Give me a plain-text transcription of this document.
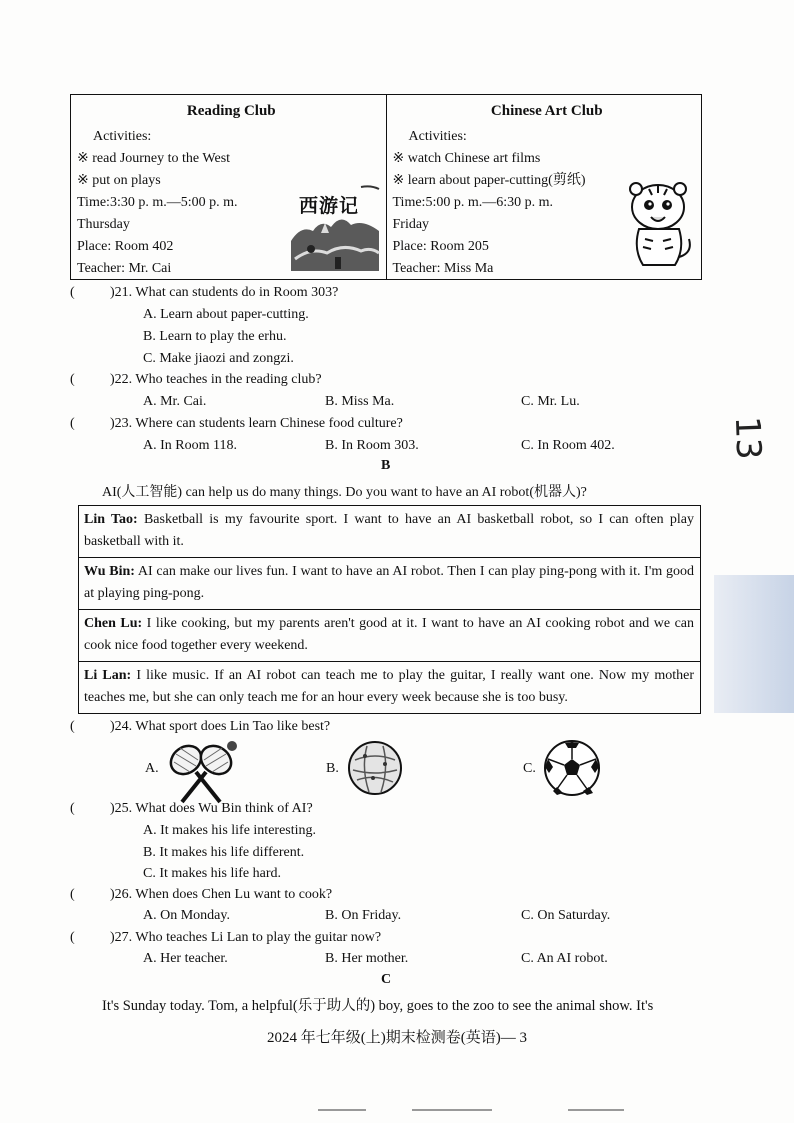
Reading Club
Activities:
※ read Journey to the West
※ put on plays
Time:3:30 p. m.—5:00 p. m.
Thursday
Place: Room 402
Teacher: Mr. Cai
西游记
Chinese Art Club
Activities:
※ watch Chinese art films
※ learn about paper-cutting(剪纸)
Time:5:00 p. m.—6:30 p. m.
Friday
Place: Room 205
Teacher: Miss Ma
(	)21. What can students do in Room 303?
A. Learn about paper-cutting.
B. Learn to play the erhu.
C. Make jiaozi and zongzi.
(	)22. Who teaches in the reading club?
A. Mr. Cai.	B. Miss Ma.	C. Mr. Lu.
(	)23. Where can students learn Chinese food culture?
A. In Room 118.	B. In Room 303.	C. In Room 402.
B
AI(人工智能) can help us do many things. Do you want to have an AI robot(机器人)?
Lin Tao: Basketball is my favourite sport. I want to have an AI basketball robot, so I can often play basketball with it.
Wu Bin: AI can make our lives fun. I want to have an AI robot. Then I can play ping-pong with it. I'm good at playing ping-pong.
Chen Lu: I like cooking, but my parents aren't good at it. I want to have an AI cooking robot and we can cook nice food together every weekend.
Li Lan: I like music. If an AI robot can teach me to play the guitar, I really want one. Now my mother teaches me, but she can only teach me for an hour every week because she is too busy.
(	)24. What sport does Lin Tao like best?
A.	B.	C.
(	)25. What does Wu Bin think of AI?
A. It makes his life interesting.
B. It makes his life different.
C. It makes his life hard.
(	)26. When does Chen Lu want to cook?
A. On Monday.	B. On Friday.	C. On Saturday.
(	)27. Who teaches Li Lan to play the guitar now?
A. Her teacher.	B. Her mother.	C. An AI robot.
C
It's Sunday today. Tom, a helpful(乐于助人的) boy, goes to the zoo to see the animal show. It's
2024 年七年级(上)期末检测卷(英语)— 3
13
